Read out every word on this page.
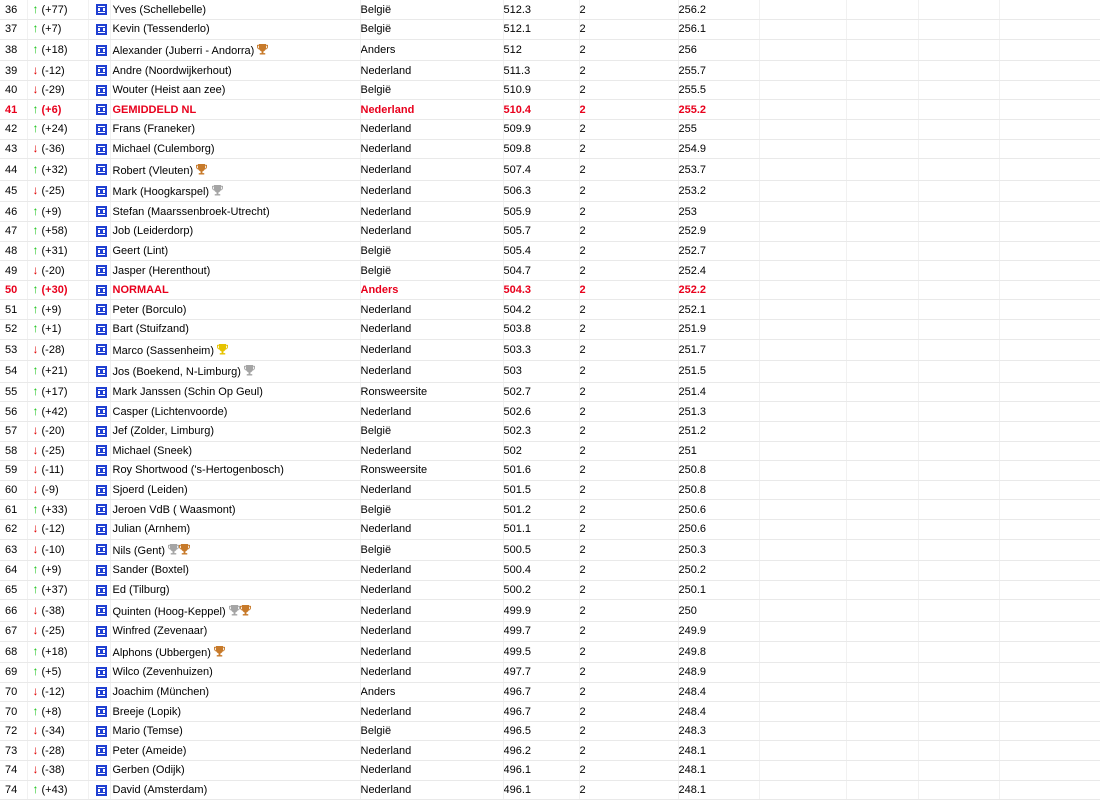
36	↑ (+77)		Yves (Schellebelle)	België	512.3	2	256.2				
37	↑ (+7)		Kevin (Tessenderlo)	België	512.1	2	256.1				
38	↑ (+18)		Alexander (Juberri - Andorra)	Anders	512	2	256				
39	↓ (-12)		Andre (Noordwijkerhout)	Nederland	511.3	2	255.7				
40	↓ (-29)		Wouter (Heist aan zee)	België	510.9	2	255.5				
41	↑ (+6)		GEMIDDELD NL	Nederland	510.4	2	255.2				
42	↑ (+24)		Frans (Franeker)	Nederland	509.9	2	255				
43	↓ (-36)		Michael (Culemborg)	Nederland	509.8	2	254.9				
44	↑ (+32)		Robert (Vleuten)	Nederland	507.4	2	253.7				
45	↓ (-25)		Mark (Hoogkarspel)	Nederland	506.3	2	253.2				
46	↑ (+9)		Stefan (Maarssenbroek-Utrecht)	Nederland	505.9	2	253				
47	↑ (+58)		Job (Leiderdorp)	Nederland	505.7	2	252.9				
48	↑ (+31)		Geert (Lint)	België	505.4	2	252.7				
49	↓ (-20)		Jasper (Herenthout)	België	504.7	2	252.4				
50	↑ (+30)		NORMAAL	Anders	504.3	2	252.2				
51	↑ (+9)		Peter (Borculo)	Nederland	504.2	2	252.1				
52	↑ (+1)		Bart (Stuifzand)	Nederland	503.8	2	251.9				
53	↓ (-28)		Marco (Sassenheim)	Nederland	503.3	2	251.7				
54	↑ (+21)		Jos (Boekend, N-Limburg)	Nederland	503	2	251.5				
55	↑ (+17)		Mark Janssen (Schin Op Geul)	Ronsweersite	502.7	2	251.4				
56	↑ (+42)		Casper (Lichtenvoorde)	Nederland	502.6	2	251.3				
57	↓ (-20)		Jef (Zolder, Limburg)	België	502.3	2	251.2				
58	↓ (-25)		Michael (Sneek)	Nederland	502	2	251				
59	↓ (-11)		Roy Shortwood ('s-Hertogenbosch)	Ronsweersite	501.6	2	250.8				
60	↓ (-9)		Sjoerd (Leiden)	Nederland	501.5	2	250.8				
61	↑ (+33)		Jeroen VdB ( Waasmont)	België	501.2	2	250.6				
62	↓ (-12)		Julian (Arnhem)	Nederland	501.1	2	250.6				
63	↓ (-10)		Nils (Gent)	België	500.5	2	250.3				
64	↑ (+9)		Sander (Boxtel)	Nederland	500.4	2	250.2				
65	↑ (+37)		Ed (Tilburg)	Nederland	500.2	2	250.1				
66	↓ (-38)		Quinten (Hoog-Keppel)	Nederland	499.9	2	250				
67	↓ (-25)		Winfred (Zevenaar)	Nederland	499.7	2	249.9				
68	↑ (+18)		Alphons (Ubbergen)	Nederland	499.5	2	249.8				
69	↑ (+5)		Wilco (Zevenhuizen)	Nederland	497.7	2	248.9				
70	↓ (-12)		Joachim (München)	Anders	496.7	2	248.4				
70	↑ (+8)		Breeje (Lopik)	Nederland	496.7	2	248.4				
72	↓ (-34)		Mario (Temse)	België	496.5	2	248.3				
73	↓ (-28)		Peter (Ameide)	Nederland	496.2	2	248.1				
74	↓ (-38)		Gerben (Odijk)	Nederland	496.1	2	248.1				
74	↑ (+43)		David (Amsterdam)	Nederland	496.1	2	248.1				
